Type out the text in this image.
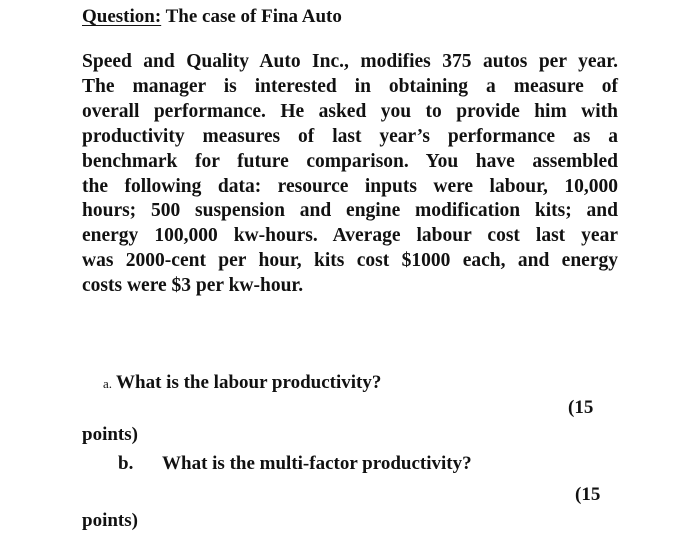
Question: The case of Fina Auto
Speed and Quality Auto Inc., modifies 375 autos per year.
The manager is interested in obtaining a measure of
overall performance. He asked you to provide him with
productivity measures of last year’s performance as a
benchmark for future comparison. You have assembled
the following data: resource inputs were labour, 10,000
hours; 500 suspension and engine modification kits; and
energy 100,000 kw-hours. Average labour cost last year
was 2000-cent per hour, kits cost $1000 each, and energy
costs were $3 per kw-hour.
a. What is the labour productivity?
(15
points)
b. What is the multi-factor productivity?
(15
points)
